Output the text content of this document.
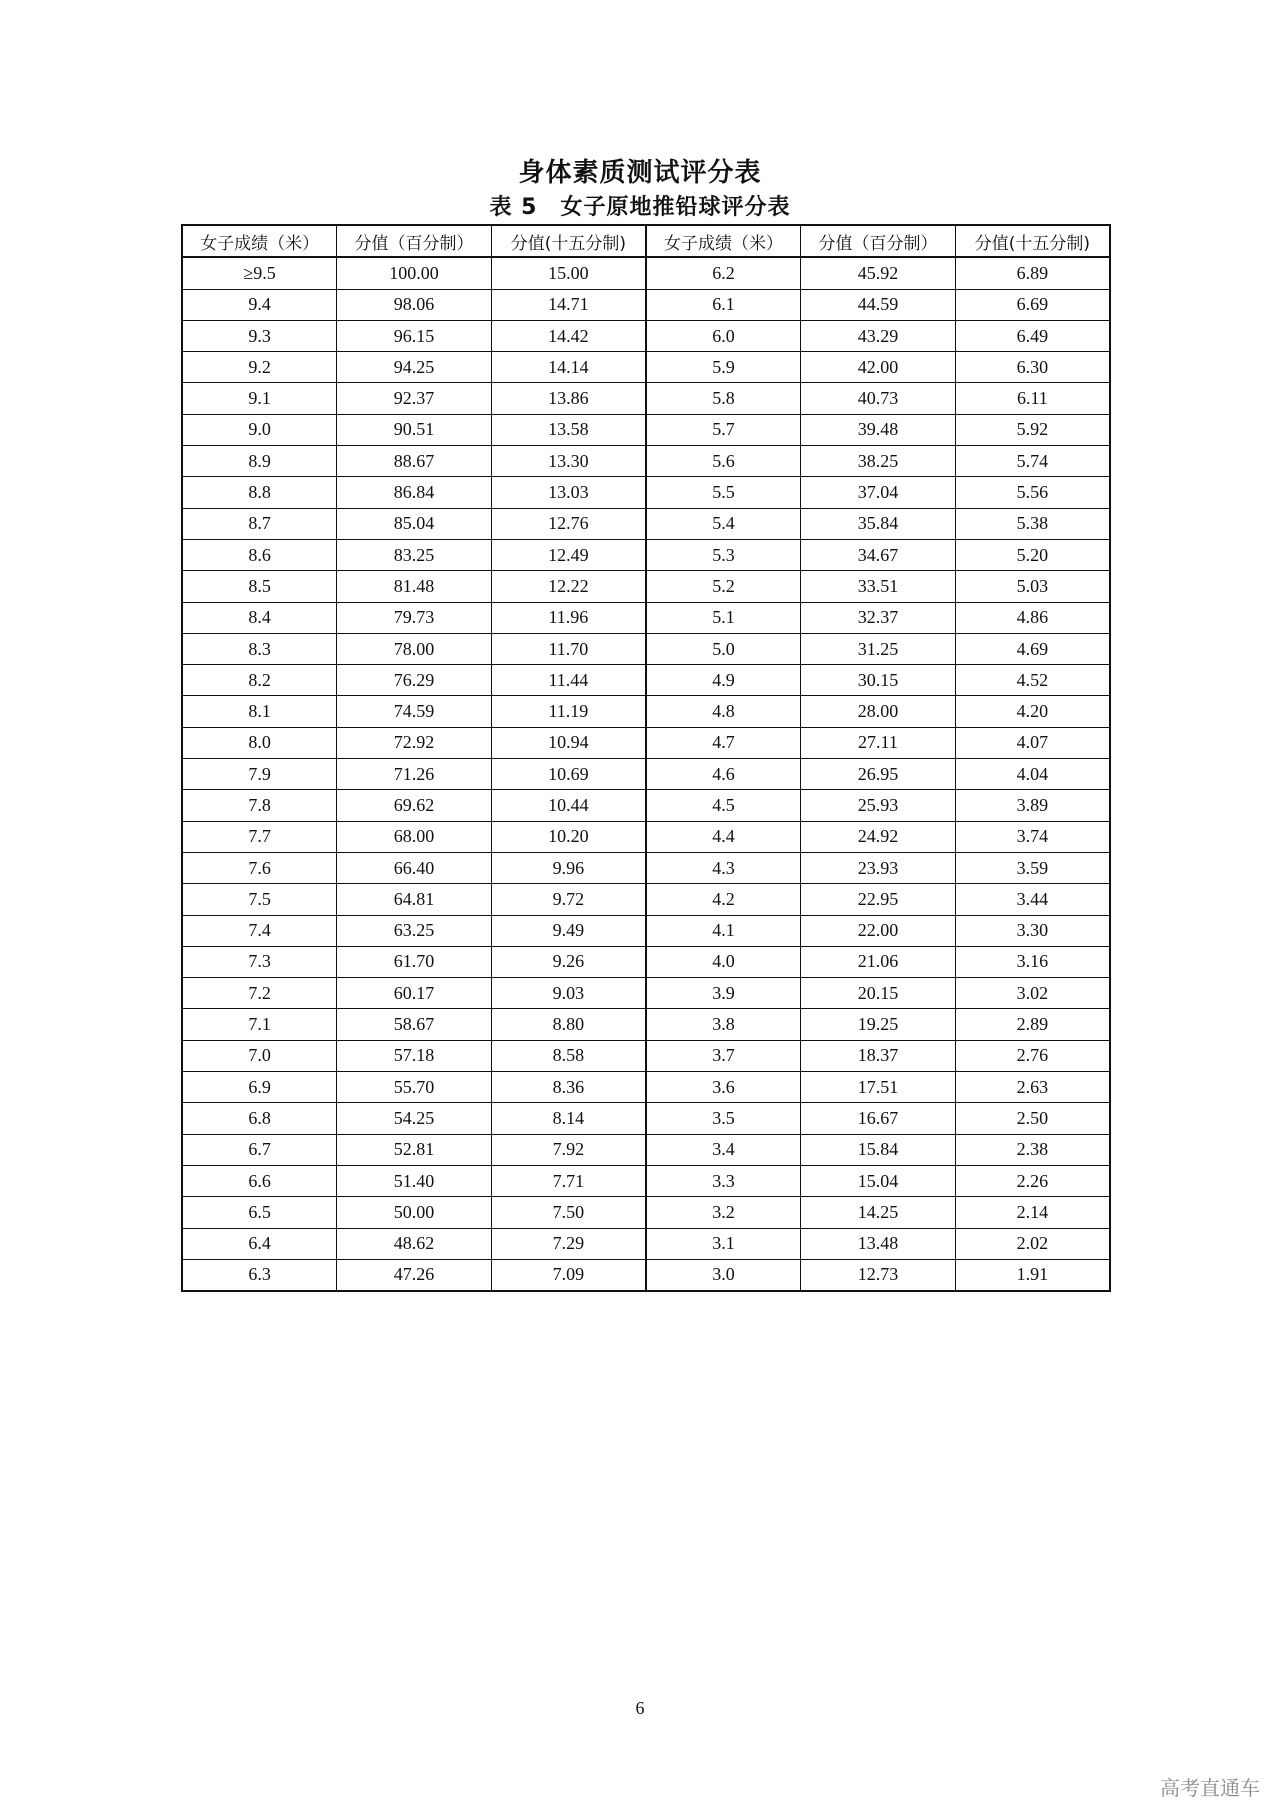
身体素质测试评分表
表 5　女子原地推铅球评分表
女子成绩（米）	分值（百分制）	分值(十五分制)	女子成绩（米）	分值（百分制）	分值(十五分制)
≥9.5	100.00	15.00	6.2	45.92	6.89
9.4	98.06	14.71	6.1	44.59	6.69
9.3	96.15	14.42	6.0	43.29	6.49
9.2	94.25	14.14	5.9	42.00	6.30
9.1	92.37	13.86	5.8	40.73	6.11
9.0	90.51	13.58	5.7	39.48	5.92
8.9	88.67	13.30	5.6	38.25	5.74
8.8	86.84	13.03	5.5	37.04	5.56
8.7	85.04	12.76	5.4	35.84	5.38
8.6	83.25	12.49	5.3	34.67	5.20
8.5	81.48	12.22	5.2	33.51	5.03
8.4	79.73	11.96	5.1	32.37	4.86
8.3	78.00	11.70	5.0	31.25	4.69
8.2	76.29	11.44	4.9	30.15	4.52
8.1	74.59	11.19	4.8	28.00	4.20
8.0	72.92	10.94	4.7	27.11	4.07
7.9	71.26	10.69	4.6	26.95	4.04
7.8	69.62	10.44	4.5	25.93	3.89
7.7	68.00	10.20	4.4	24.92	3.74
7.6	66.40	9.96	4.3	23.93	3.59
7.5	64.81	9.72	4.2	22.95	3.44
7.4	63.25	9.49	4.1	22.00	3.30
7.3	61.70	9.26	4.0	21.06	3.16
7.2	60.17	9.03	3.9	20.15	3.02
7.1	58.67	8.80	3.8	19.25	2.89
7.0	57.18	8.58	3.7	18.37	2.76
6.9	55.70	8.36	3.6	17.51	2.63
6.8	54.25	8.14	3.5	16.67	2.50
6.7	52.81	7.92	3.4	15.84	2.38
6.6	51.40	7.71	3.3	15.04	2.26
6.5	50.00	7.50	3.2	14.25	2.14
6.4	48.62	7.29	3.1	13.48	2.02
6.3	47.26	7.09	3.0	12.73	1.91
6
高考直通车
